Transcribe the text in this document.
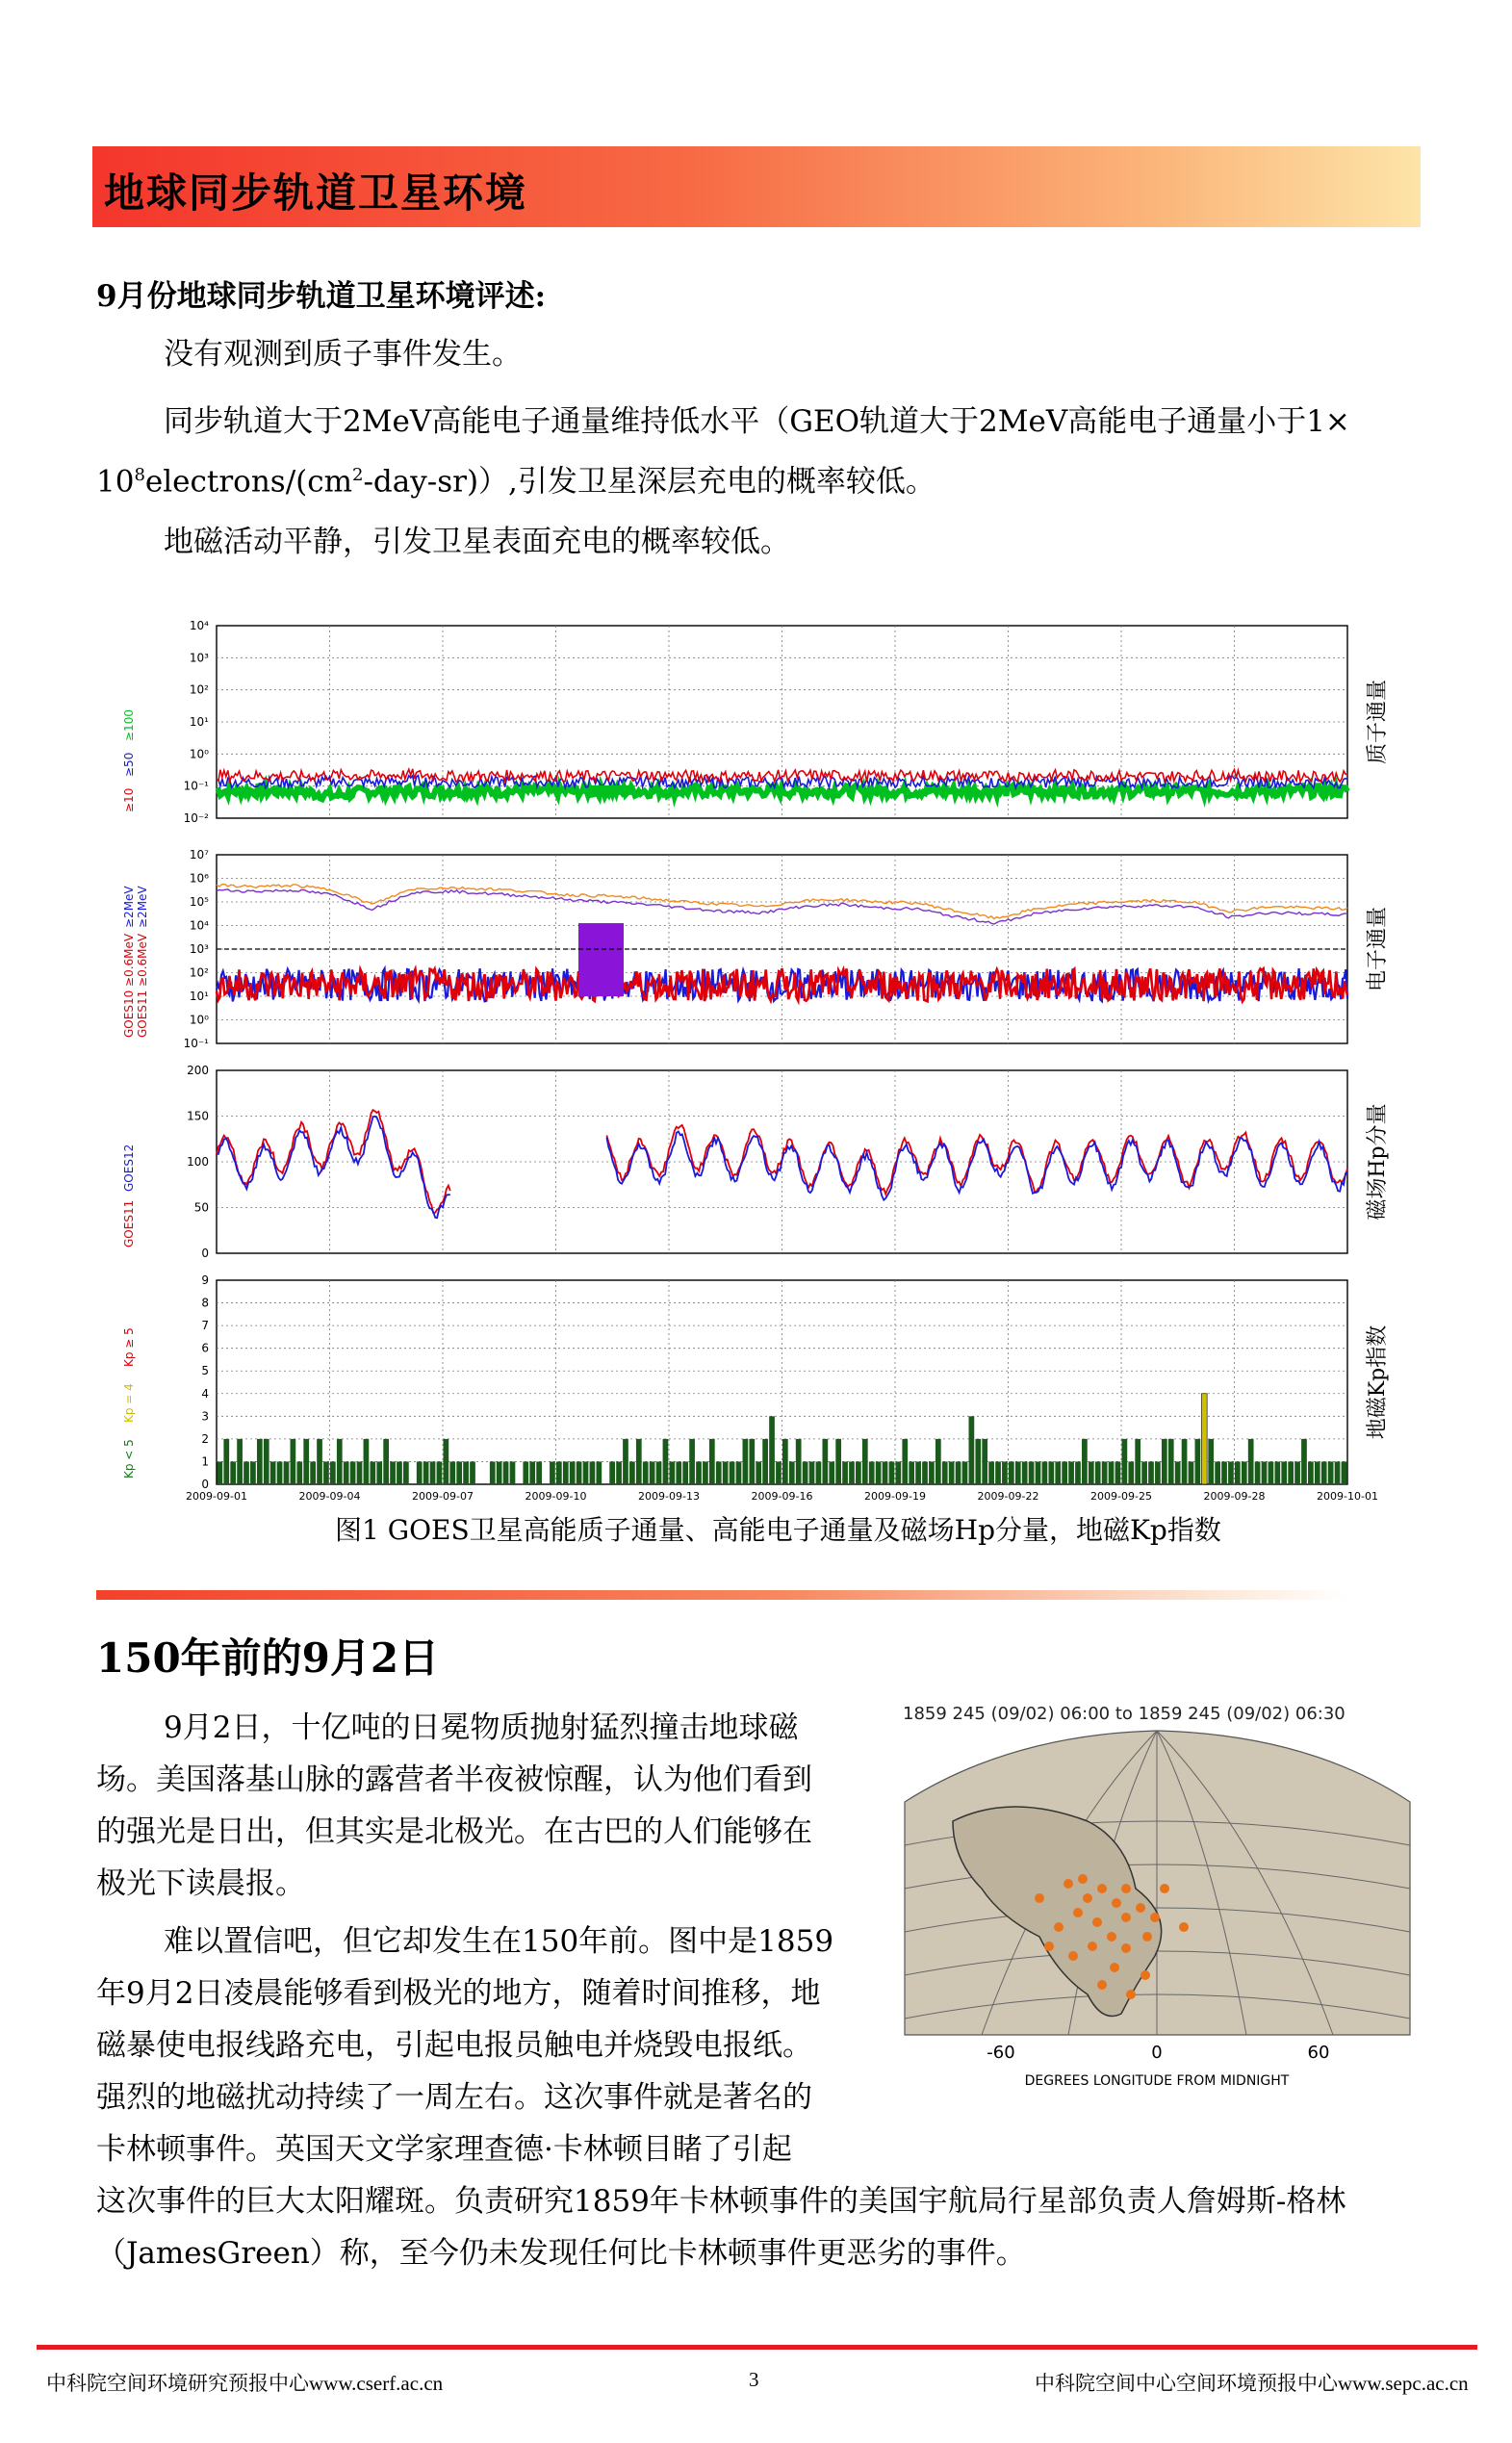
地球同步轨道卫星环境
9月份地球同步轨道卫星环境评述:
没有观测到质子事件发生。
同步轨道大于2MeV高能电子通量维持低水平（GEO轨道大于2MeV高能电子通量小于1×
$10^8electrons/(cm^2-day-sr)$）,引发卫星深层充电的概率较低。
地磁活动平静，引发卫星表面充电的概率较低。
10⁴
10³
10²
10¹
10⁰
10⁻¹
10⁻²
质子通量
≥10
≥50
≥100
10⁷
10⁶
10⁵
10⁴
10³
10²
10¹
10⁰
10⁻¹
电子通量
GOES10 ≥0.6MeV
≥2MeV
GOES11 ≥0.6MeV
≥2MeV
200
150
100
50
0
磁场Hp分量
GOES11
GOES12
9
8
7
6
5
4
3
2
1
0
地磁Kp指数
Kp < 5
Kp = 4
Kp ≥ 5
2009-09-01	2009-09-04	2009-09-07	2009-09-10	2009-09-13	2009-09-16	2009-09-19	2009-09-22	2009-09-25	2009-09-28	2009-10-01
图1 GOES卫星高能质子通量、高能电子通量及磁场Hp分量，地磁Kp指数
150年前的9月2日
9月2日，十亿吨的日冕物质抛射猛烈撞击地球磁
场。美国落基山脉的露营者半夜被惊醒，认为他们看到
的强光是日出，但其实是北极光。在古巴的人们能够在
极光下读晨报。
难以置信吧，但它却发生在150年前。图中是1859
年9月2日凌晨能够看到极光的地方，随着时间推移，地
磁暴使电报线路充电，引起电报员触电并烧毁电报纸。
强烈的地磁扰动持续了一周左右。这次事件就是著名的
卡林顿事件。英国天文学家理查德·卡林顿目睹了引起
这次事件的巨大太阳耀斑。负责研究1859年卡林顿事件的美国宇航局行星部负责人詹姆斯-格林
（JamesGreen）称，至今仍未发现任何比卡林顿事件更恶劣的事件。
1859 245 (09/02) 06:00 to 1859 245 (09/02) 06:30
-60	0	60
DEGREES LONGITUDE FROM MIDNIGHT
中科院空间环境研究预报中心www.cserf.ac.cn	3	中科院空间中心空间环境预报中心www.sepc.ac.cn
